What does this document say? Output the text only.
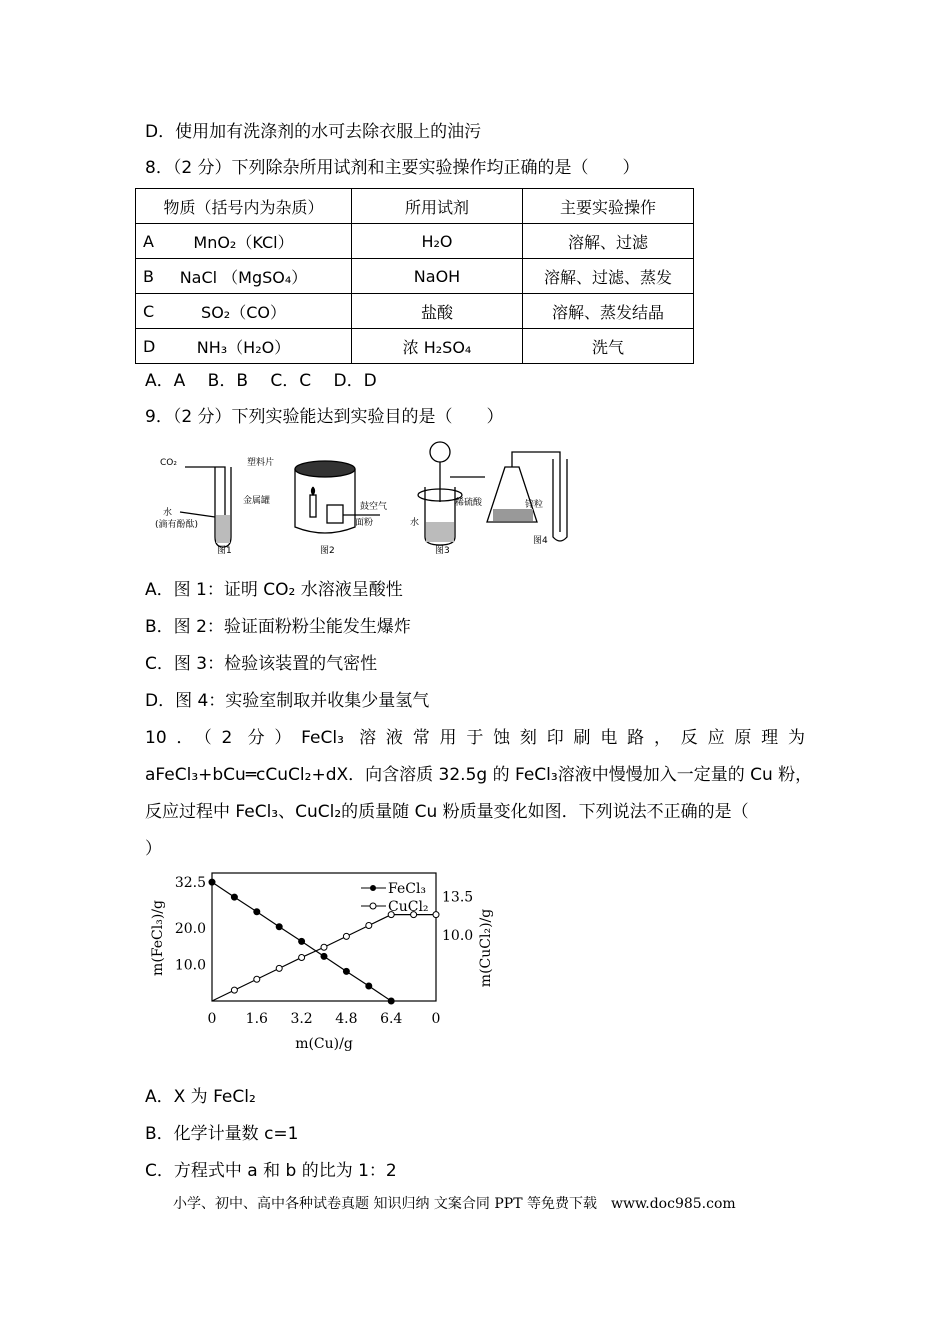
D．使用加有洗涤剂的水可去除衣服上的油污
8．（2 分）下列除杂所用试剂和主要实验操作均正确的是（　　）
物质（括号内为杂质）	所用试剂	主要实验操作

A MnO₂（KCl）	H₂O	溶解、过滤

B NaCl （MgSO₄）	NaOH	溶解、过滤、蒸发

C SO₂（CO）	盐酸	溶解、蒸发结晶

D NH₃（H₂O）	浓 H₂SO₄	洗气
A．A　 B．B　 C．C　 D．D
9．（2 分）下列实验能达到实验目的是（　　）
CO₂
水
(滴有酚酞)
图1
塑料片
金属罐
鼓空气
面粉
图2
稀硫酸
水
图3
锌粒
图4
A．图 1：证明 CO₂ 水溶液呈酸性
B．图 2：验证面粉粉尘能发生爆炸
C．图 3：检验该装置的气密性
D．图 4：实验室制取并收集少量氢气
10．（2 分）FeCl₃ 溶液常用于蚀刻印刷电路，反应原理为
aFeCl₃+bCu═cCuCl₂+dX．向含溶质 32.5g 的 FeCl₃溶液中慢慢加入一定量的 Cu 粉，
反应过程中 FeCl₃、CuCl₂的质量随 Cu 粉质量变化如图．下列说法不正确的是（
）
0 1.6 3.2 4.8 6.4 0
32.5
20.0
10.0
13.5
10.0
FeCl₃
CuCl₂
m(Cu)/g
m(FeCl₃)/g	m(CuCl₂)/g
A．X 为 FeCl₂
B．化学计量数 c=1
C．方程式中 a 和 b 的比为 1：2
小学、初中、高中各种试卷真题 知识归纳 文案合同 PPT 等免费下载　www.doc985.com
